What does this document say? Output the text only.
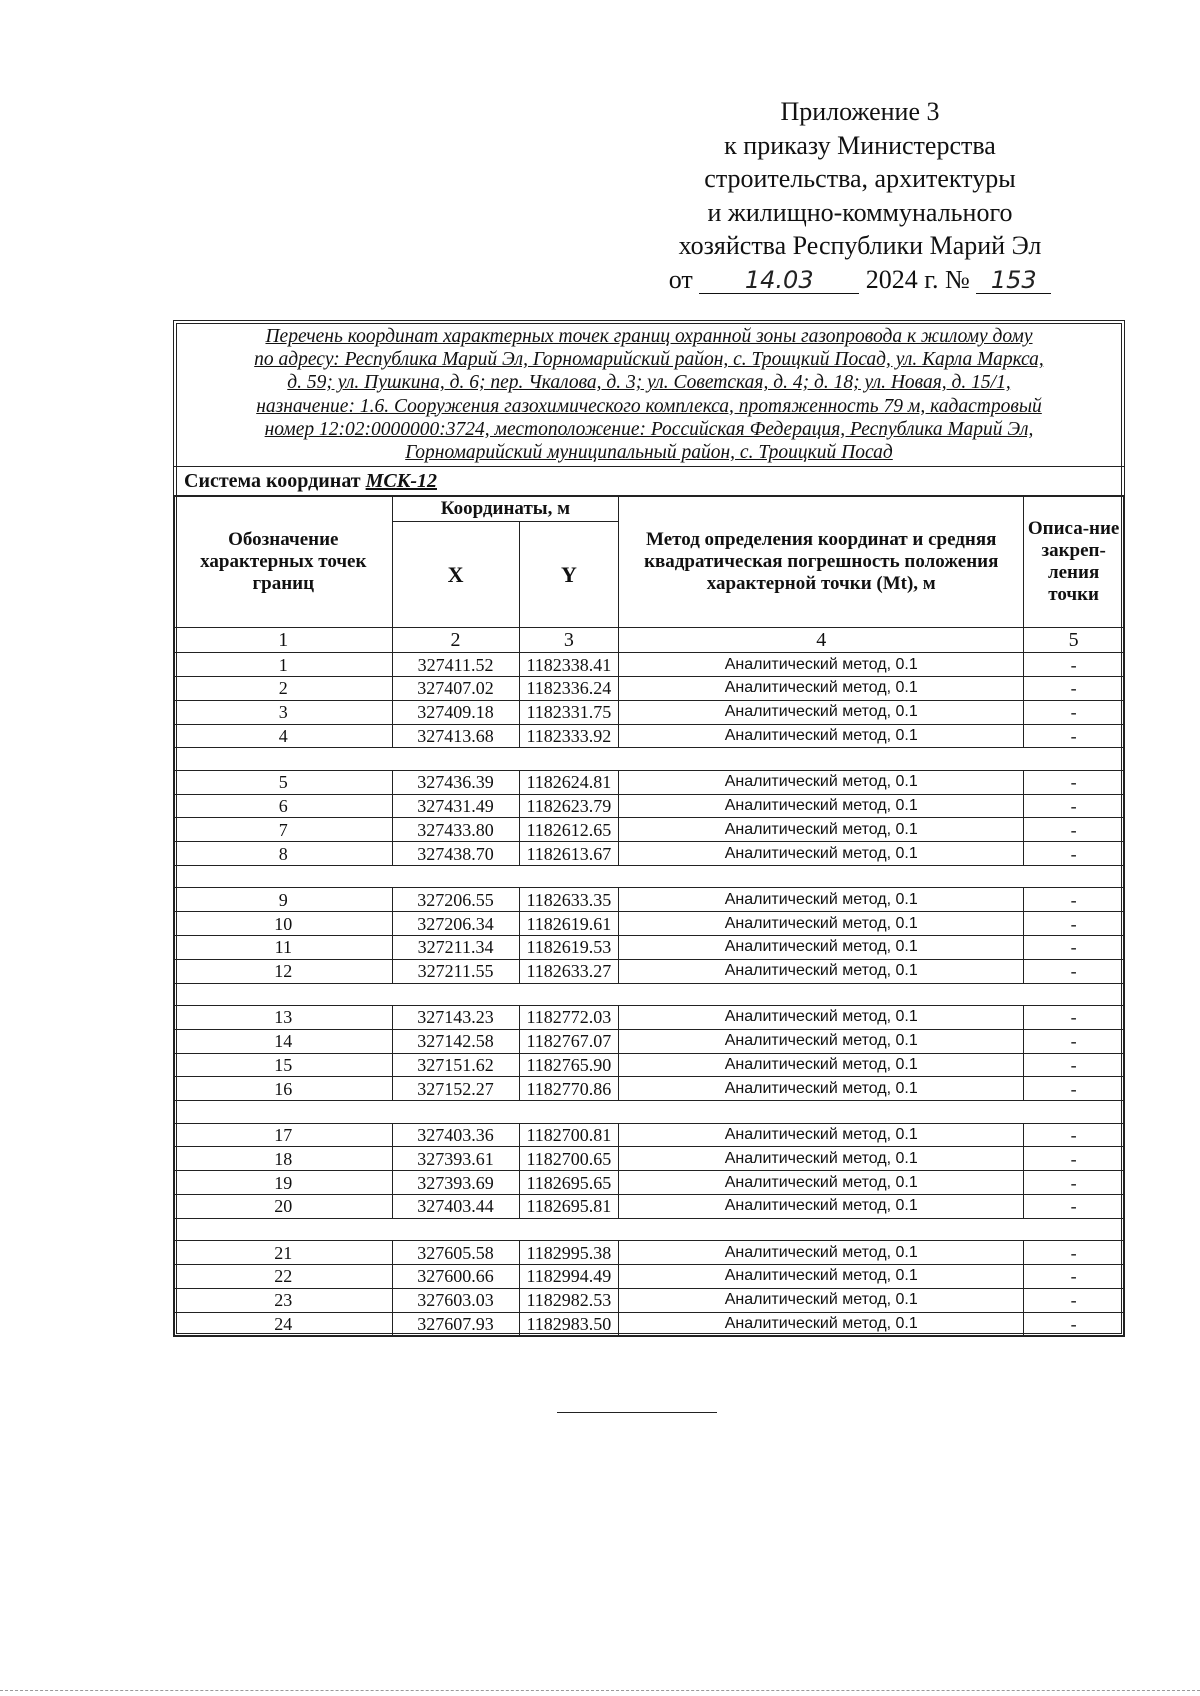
Приложение 3
к приказу Министерства
строительства, архитектуры
и жилищно-коммунального
хозяйства Республики Марий Эл
от 14.03 2024 г. № 153
Перечень координат характерных точек границ охранной зоны газопровода к жилому дому
по адресу: Республика Марий Эл, Горномарийский район, с. Троицкий Посад, ул. Карла Маркса,
д. 59; ул. Пушкина, д. 6; пер. Чкалова, д. 3; ул. Советская, д. 4; д. 18; ул. Новая, д. 15/1,
назначение: 1.6. Сооружения газохимического комплекса, протяженность 79 м, кадастровый
номер 12:02:0000000:3724, местоположение: Российская Федерация, Республика Марий Эл,
Горномарийский муниципальный район, с. Троицкий Посад
Система координат МСК-12
Обозначение характерных точек границ	Координаты, м		Метод определения координат и средняя квадратическая погрешность положения характерной точки (Mt), м	Описа-ние закреп-ления точки
	X	Y		
1	2	3	4	5
1	327411.52	1182338.41	Аналитический метод, 0.1	-
2	327407.02	1182336.24	Аналитический метод, 0.1	-
3	327409.18	1182331.75	Аналитический метод, 0.1	-
4	327413.68	1182333.92	Аналитический метод, 0.1	-

5	327436.39	1182624.81	Аналитический метод, 0.1	-
6	327431.49	1182623.79	Аналитический метод, 0.1	-
7	327433.80	1182612.65	Аналитический метод, 0.1	-
8	327438.70	1182613.67	Аналитический метод, 0.1	-

9	327206.55	1182633.35	Аналитический метод, 0.1	-
10	327206.34	1182619.61	Аналитический метод, 0.1	-
11	327211.34	1182619.53	Аналитический метод, 0.1	-
12	327211.55	1182633.27	Аналитический метод, 0.1	-

13	327143.23	1182772.03	Аналитический метод, 0.1	-
14	327142.58	1182767.07	Аналитический метод, 0.1	-
15	327151.62	1182765.90	Аналитический метод, 0.1	-
16	327152.27	1182770.86	Аналитический метод, 0.1	-

17	327403.36	1182700.81	Аналитический метод, 0.1	-
18	327393.61	1182700.65	Аналитический метод, 0.1	-
19	327393.69	1182695.65	Аналитический метод, 0.1	-
20	327403.44	1182695.81	Аналитический метод, 0.1	-

21	327605.58	1182995.38	Аналитический метод, 0.1	-
22	327600.66	1182994.49	Аналитический метод, 0.1	-
23	327603.03	1182982.53	Аналитический метод, 0.1	-
24	327607.93	1182983.50	Аналитический метод, 0.1	-
